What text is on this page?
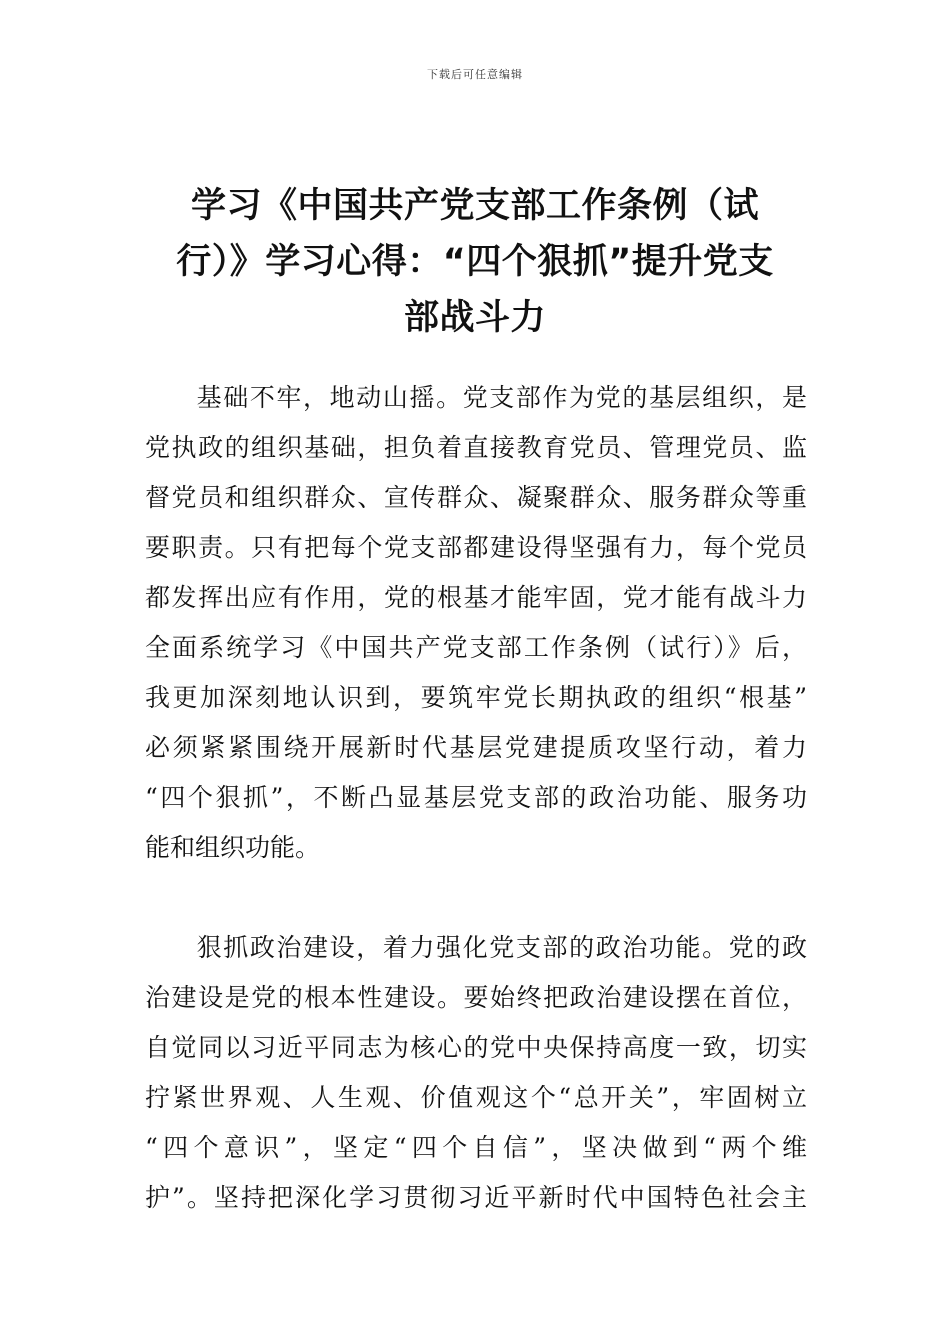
下载后可任意编辑
学习《中国共产党支部工作条例（试
行）》学习心得：“四个狠抓”提升党支
部战斗力
基础不牢，地动山摇。党支部作为党的基层组织，是
党执政的组织基础，担负着直接教育党员、管理党员、监
督党员和组织群众、宣传群众、凝聚群众、服务群众等重
要职责。只有把每个党支部都建设得坚强有力，每个党员
都发挥出应有作用，党的根基才能牢固，党才能有战斗力
全面系统学习《中国共产党支部工作条例（试行）》后，
我更加深刻地认识到，要筑牢党长期执政的组织“根基”
必须紧紧围绕开展新时代基层党建提质攻坚行动，着力
“四个狠抓”，不断凸显基层党支部的政治功能、服务功
能和组织功能。
狠抓政治建设，着力强化党支部的政治功能。党的政
治建设是党的根本性建设。要始终把政治建设摆在首位，
自觉同以习近平同志为核心的党中央保持高度一致，切实
拧紧世界观、人生观、价值观这个“总开关”，牢固树立
“四个意识”，坚定“四个自信”，坚决做到“两个维
护”。坚持把深化学习贯彻习近平新时代中国特色社会主
